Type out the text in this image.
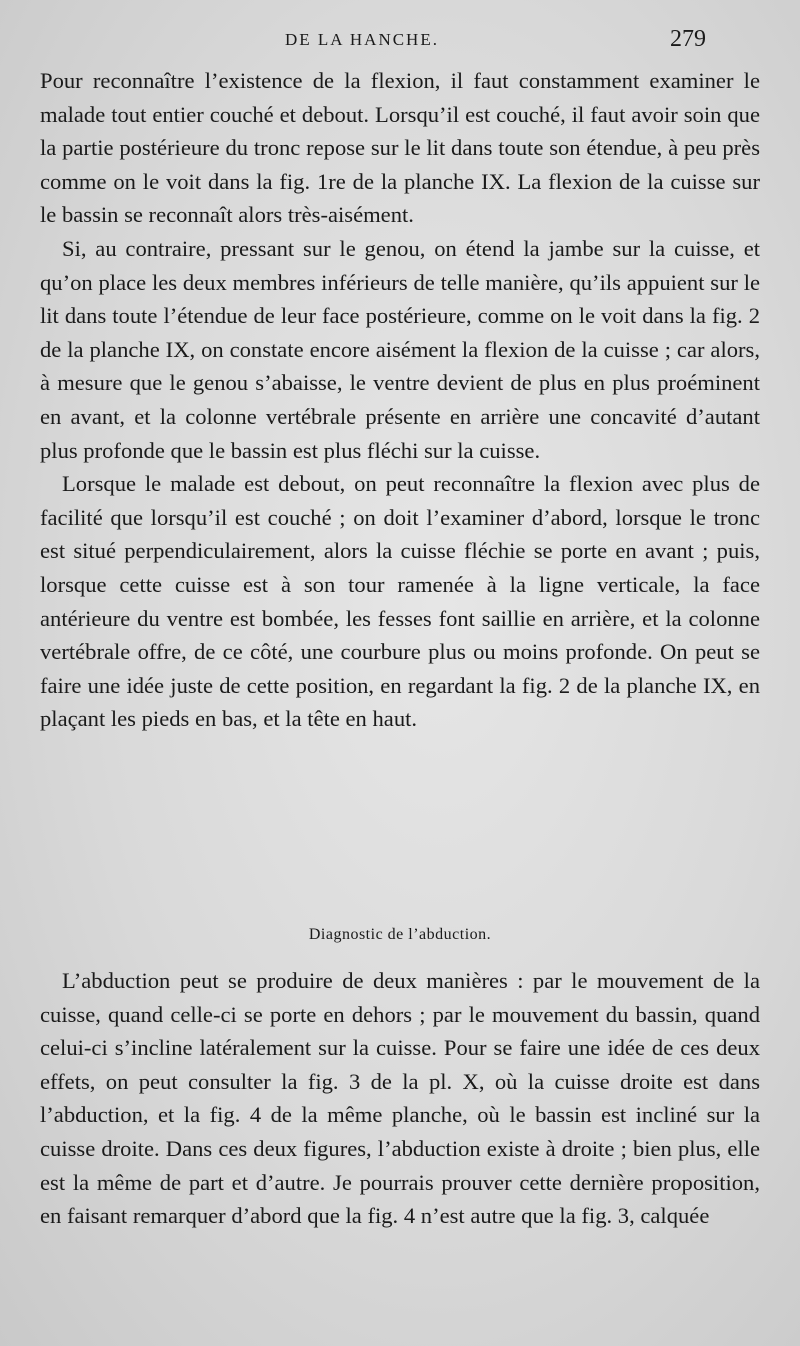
DE LA HANCHE.	279

Pour reconnaître l’existence de la flexion, il faut constamment examiner le malade tout entier couché et debout. Lorsqu’il est couché, il faut avoir soin que la partie postérieure du tronc repose sur le lit dans toute son étendue, à peu près comme on le voit dans la fig. 1re de la planche IX. La flexion de la cuisse sur le bassin se reconnaît alors très-aisément.

Si, au contraire, pressant sur le genou, on étend la jambe sur la cuisse, et qu’on place les deux membres inférieurs de telle manière, qu’ils appuient sur le lit dans toute l’étendue de leur face postérieure, comme on le voit dans la fig. 2 de la planche IX, on constate encore aisément la flexion de la cuisse ; car alors, à mesure que le genou s’abaisse, le ventre devient de plus en plus proéminent en avant, et la colonne vertébrale présente en arrière une concavité d’autant plus profonde que le bassin est plus fléchi sur la cuisse.

Lorsque le malade est debout, on peut reconnaître la flexion avec plus de facilité que lorsqu’il est couché ; on doit l’examiner d’abord, lorsque le tronc est situé perpendiculairement, alors la cuisse fléchie se porte en avant ; puis, lorsque cette cuisse est à son tour ramenée à la ligne verticale, la face antérieure du ventre est bombée, les fesses font saillie en arrière, et la colonne vertébrale offre, de ce côté, une courbure plus ou moins profonde. On peut se faire une idée juste de cette position, en regardant la fig. 2 de la planche IX, en plaçant les pieds en bas, et la tête en haut.

Diagnostic de l’abduction.

L’abduction peut se produire de deux manières : par le mouvement de la cuisse, quand celle-ci se porte en dehors ; par le mouvement du bassin, quand celui-ci s’incline latéralement sur la cuisse. Pour se faire une idée de ces deux effets, on peut consulter la fig. 3 de la pl. X, où la cuisse droite est dans l’abduction, et la fig. 4 de la même planche, où le bassin est incliné sur la cuisse droite. Dans ces deux figures, l’abduction existe à droite ; bien plus, elle est la même de part et d’autre. Je pourrais prouver cette dernière proposition, en faisant remarquer d’abord que la fig. 4 n’est autre que la fig. 3, calquée
